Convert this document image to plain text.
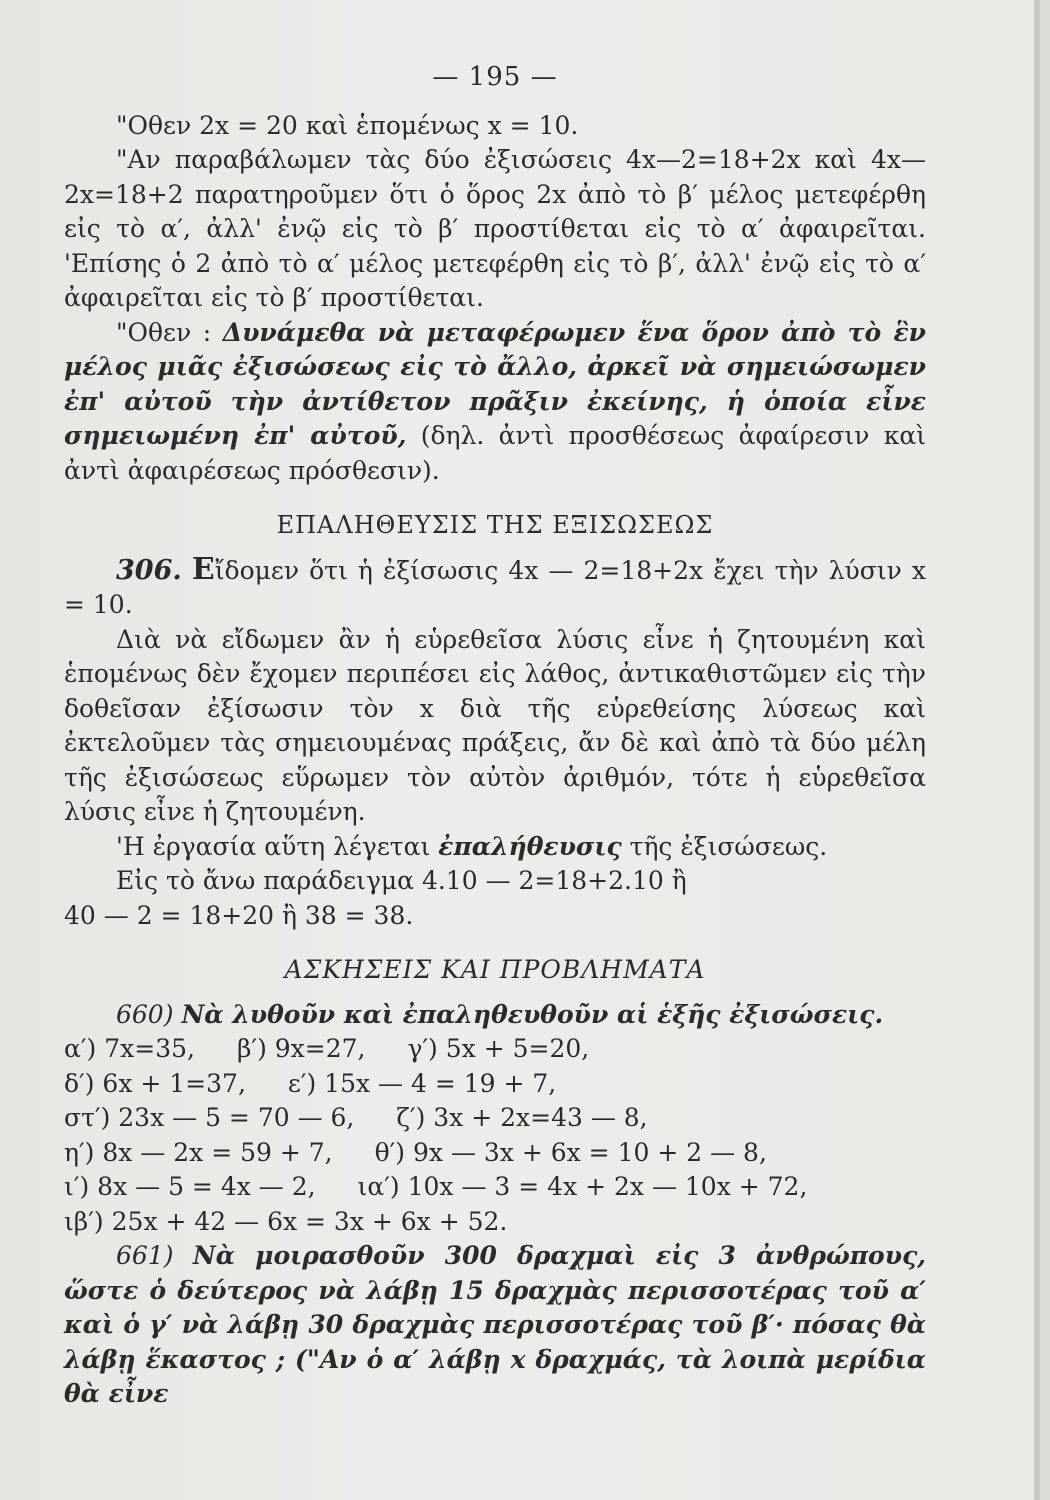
— 195 —

"Οθεν 2x = 20 καὶ ἑπομένως x = 10.

"Αν παραβάλωμεν τὰς δύο ἐξισώσεις 4x—2=18+2x καὶ 4x—2x=18+2 παρατηροῦμεν ὅτι ὁ ὅρος 2x ἀπὸ τὸ β′ μέλος μετεφέρθη εἰς τὸ α′, ἀλλ' ἐνῷ εἰς τὸ β′ προστίθεται εἰς τὸ α′ ἀφαιρεῖται. 'Επίσης ὁ 2 ἀπὸ τὸ α′ μέλος μετεφέρθη εἰς τὸ β′, ἀλλ' ἐνῷ εἰς τὸ α′ ἀφαιρεῖται εἰς τὸ β′ προστίθεται.

"Οθεν : Δυνάμεθα νὰ μεταφέρωμεν ἕνα ὅρον ἀπὸ τὸ ἓν μέλος μιᾶς ἐξισώσεως εἰς τὸ ἄλλο, ἀρκεῖ νὰ σημειώσωμεν ἐπ' αὐτοῦ τὴν ἀντίθετον πρᾶξιν ἐκείνης, ἡ ὁποία εἶνε σημειωμένη ἐπ' αὐτοῦ, (δηλ. ἀντὶ προσθέσεως ἀφαίρεσιν καὶ ἀντὶ ἀφαιρέσεως πρόσθεσιν).

ΕΠΑΛΗΘΕΥΣΙΣ ΤΗΣ ΕΞΙΣΩΣΕΩΣ

306. Εἴδομεν ὅτι ἡ ἐξίσωσις 4x — 2=18+2x ἔχει τὴν λύσιν x = 10.

Διὰ νὰ εἴδωμεν ἂν ἡ εὑρεθεῖσα λύσις εἶνε ἡ ζητουμένη καὶ ἑπομένως δὲν ἔχομεν περιπέσει εἰς λάθος, ἀντικαθιστῶμεν εἰς τὴν δοθεῖσαν ἐξίσωσιν τὸν x διὰ τῆς εὑρεθείσης λύσεως καὶ ἐκτελοῦμεν τὰς σημειουμένας πράξεις, ἄν δὲ καὶ ἀπὸ τὰ δύο μέλη τῆς ἐξισώσεως εὕρωμεν τὸν αὐτὸν ἀριθμόν, τότε ἡ εὑρεθεῖσα λύσις εἶνε ἡ ζητουμένη.

'Η ἐργασία αὕτη λέγεται ἐπαλήθευσις τῆς ἐξισώσεως.

Εἰς τὸ ἄνω παράδειγμα 4.10 — 2=18+2.10 ἢ

40 — 2 = 18+20 ἢ 38 = 38.

ΑΣΚΗΣΕΙΣ ΚΑΙ ΠΡΟΒΛΗΜΑΤΑ

660) Νὰ λυθοῦν καὶ ἐπαληθευθοῦν αἱ ἑξῆς ἐξισώσεις.

α′) 7x=35, β′) 9x=27, γ′) 5x + 5=20,
δ′) 6x + 1=37, ε′) 15x — 4 = 19 + 7,
στ′) 23x — 5 = 70 — 6, ζ′) 3x + 2x=43 — 8,
η′) 8x — 2x = 59 + 7, θ′) 9x — 3x + 6x = 10 + 2 — 8,
ι′) 8x — 5 = 4x — 2, ια′) 10x — 3 = 4x + 2x — 10x + 72,
ιβ′) 25x + 42 — 6x = 3x + 6x + 52.

661) Νὰ μοιρασθοῦν 300 δραχμαὶ εἰς 3 ἀνθρώπους, ὥστε ὁ δεύτερος νὰ λάβῃ 15 δραχμὰς περισσοτέρας τοῦ α′ καὶ ὁ γ′ νὰ λάβῃ 30 δραχμὰς περισσοτέρας τοῦ β′· πόσας θὰ λάβῃ ἕκαστος ; ("Αν ὁ α′ λάβῃ x δραχμάς, τὰ λοιπὰ μερίδια θὰ εἶνε
